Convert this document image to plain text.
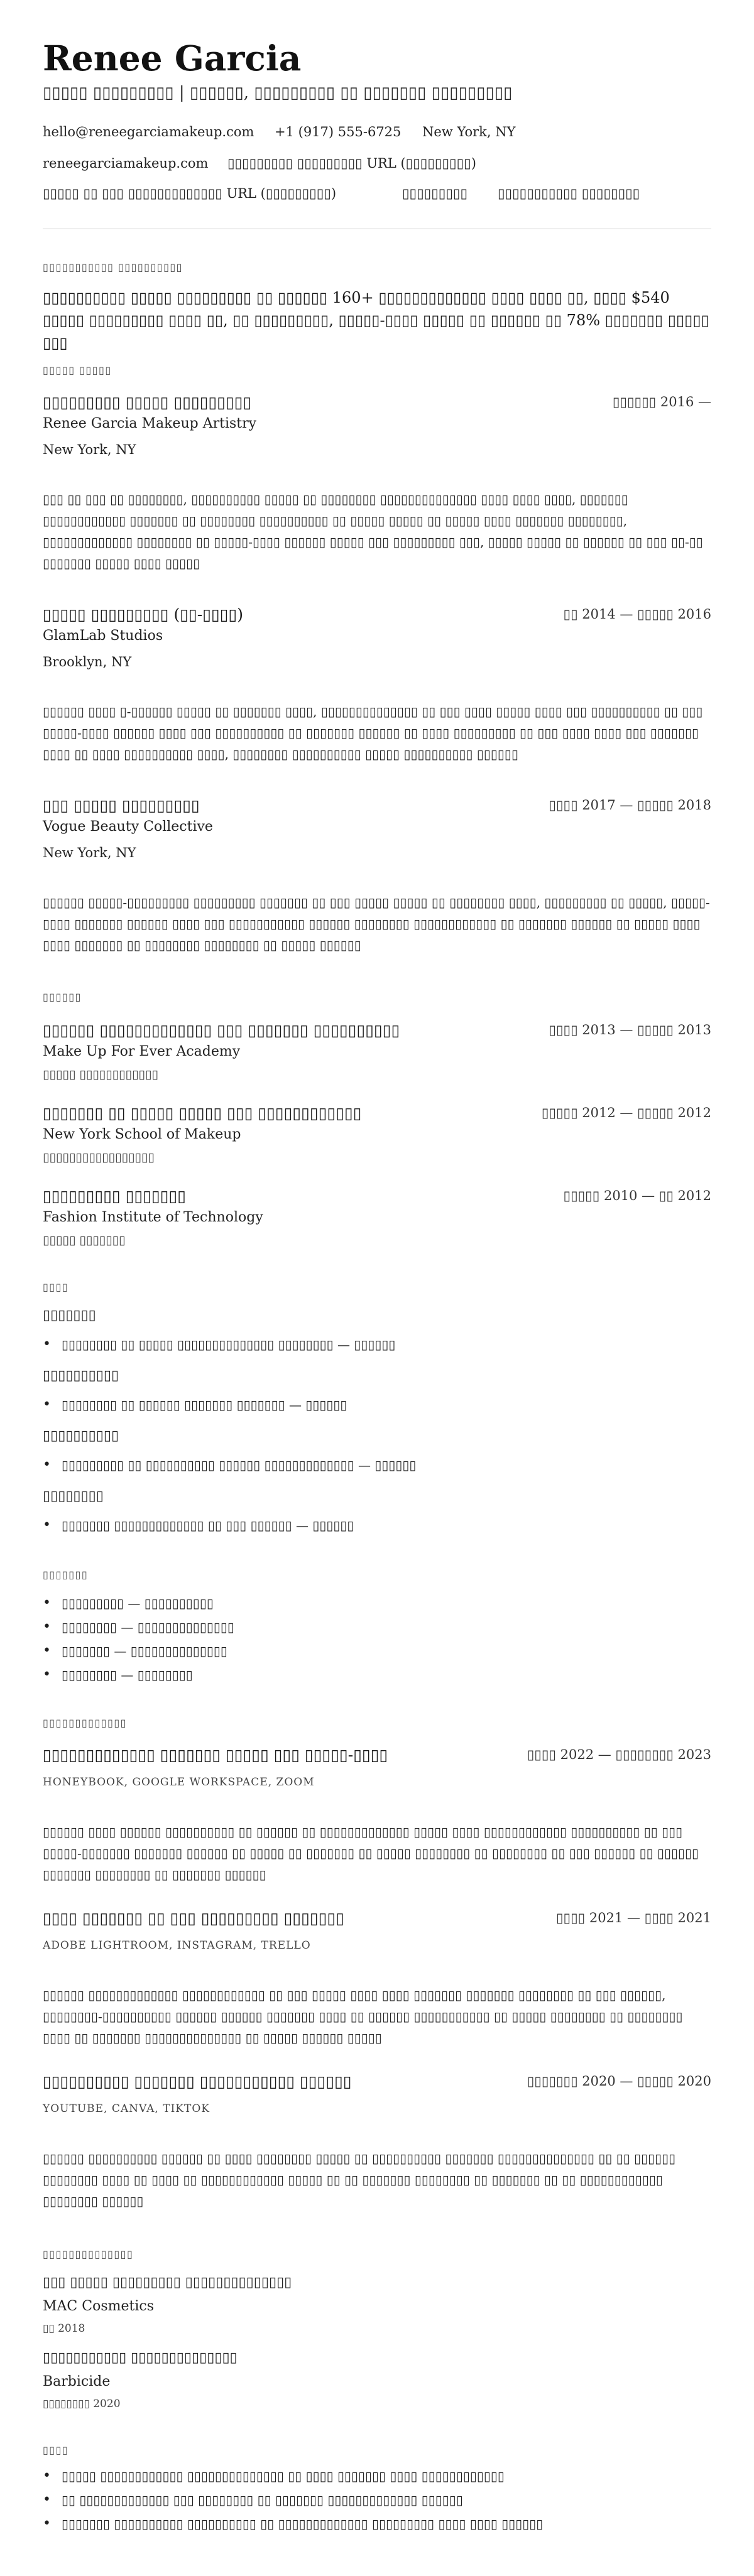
Renee Garcia
▯▯▯▯▯ ▯▯▯▯▯▯▯▯▯ | ▯▯▯▯▯▯, ▯▯▯▯▯▯▯▯▯ ▯▯ ▯▯▯▯▯▯▯ ▯▯▯▯▯▯▯▯▯
hello@reneegarciamakeup.com +1 (917) 555-6725 New York, NY
reneegarciamakeup.com ▯▯▯▯▯▯▯▯▯ ▯▯▯▯▯▯▯▯▯ URL (▯▯▯▯▯▯▯▯▯)
▯▯▯▯▯ ▯▯ ▯▯▯ ▯▯▯▯▯▯▯▯▯▯▯▯▯ URL (▯▯▯▯▯▯▯▯▯)	▯▯▯▯▯▯▯▯▯ ▯▯▯▯▯▯▯▯▯▯▯ ▯▯▯▯▯▯▯▯
▯▯▯▯▯▯▯▯▯▯▯ ▯▯▯▯▯▯▯▯▯▯
▯▯▯▯▯▯▯▯▯▯ ▯▯▯▯▯ ▯▯▯▯▯▯▯▯▯ ▯▯ ▯▯▯▯▯▯ 160+ ▯▯▯▯▯▯▯▯▯▯▯▯▯ ▯▯▯▯ ▯▯▯▯ ▯▯, ▯▯▯▯ $540 ▯▯▯▯▯ ▯▯▯▯▯▯▯▯▯ ▯▯▯▯ ▯▯, ▯▯ ▯▯▯▯▯▯▯▯▯, ▯▯▯▯▯-▯▯▯▯ ▯▯▯▯▯ ▯▯ ▯▯▯▯▯▯ ▯▯ 78% ▯▯▯▯▯▯▯ ▯▯▯▯▯ ▯▯▯
▯▯▯▯▯ ▯▯▯▯▯
▯▯▯▯▯▯▯▯▯ ▯▯▯▯▯ ▯▯▯▯▯▯▯▯▯	▯▯▯▯▯▯ 2016 —
Renee Garcia Makeup Artistry
New York, NY
▯▯▯ ▯▯ ▯▯▯ ▯▯ ▯▯▯▯▯▯▯▯, ▯▯▯▯▯▯▯▯▯▯ ▯▯▯▯▯ ▯▯ ▯▯▯▯▯▯▯▯ ▯▯▯▯▯▯▯▯▯▯▯▯▯▯ ▯▯▯▯ ▯▯▯▯ ▯▯▯▯, ▯▯▯▯▯▯▯ ▯▯▯▯▯▯▯▯▯▯▯▯ ▯▯▯▯▯▯▯ ▯▯ ▯▯▯▯▯▯▯▯ ▯▯▯▯▯▯▯▯▯▯ ▯▯ ▯▯▯▯▯ ▯▯▯▯▯ ▯▯ ▯▯▯▯▯ ▯▯▯▯ ▯▯▯▯▯▯▯ ▯▯▯▯▯▯▯▯, ▯▯▯▯▯▯▯▯▯▯▯▯▯ ▯▯▯▯▯▯▯▯ ▯▯ ▯▯▯▯▯-▯▯▯▯ ▯▯▯▯▯▯ ▯▯▯▯▯ ▯▯▯ ▯▯▯▯▯▯▯▯▯ ▯▯▯, ▯▯▯▯▯ ▯▯▯▯▯ ▯▯ ▯▯▯▯▯▯ ▯▯ ▯▯▯ ▯▯-▯▯ ▯▯▯▯▯▯▯ ▯▯▯▯▯ ▯▯▯▯ ▯▯▯▯▯
▯▯▯▯▯ ▯▯▯▯▯▯▯▯▯ (▯▯-▯▯▯▯)	▯▯ 2014 — ▯▯▯▯▯ 2016
GlamLab Studios
Brooklyn, NY
▯▯▯▯▯▯ ▯▯▯▯ ▯-▯▯▯▯▯▯ ▯▯▯▯▯ ▯▯ ▯▯▯▯▯▯▯ ▯▯▯▯, ▯▯▯▯▯▯▯▯▯▯▯▯▯▯ ▯▯ ▯▯▯ ▯▯▯▯ ▯▯▯▯▯ ▯▯▯▯ ▯▯▯ ▯▯▯▯▯▯▯▯▯▯ ▯▯ ▯▯▯ ▯▯▯▯▯-▯▯▯▯ ▯▯▯▯▯▯ ▯▯▯▯ ▯▯▯ ▯▯▯▯▯▯▯▯▯▯ ▯▯ ▯▯▯▯▯▯▯ ▯▯▯▯▯▯ ▯▯ ▯▯▯▯ ▯▯▯▯▯▯▯▯▯ ▯▯ ▯▯▯ ▯▯▯▯ ▯▯▯▯ ▯▯▯ ▯▯▯▯▯▯▯ ▯▯▯▯ ▯▯ ▯▯▯▯ ▯▯▯▯▯▯▯▯▯▯ ▯▯▯▯, ▯▯▯▯▯▯▯▯ ▯▯▯▯▯▯▯▯▯▯ ▯▯▯▯▯ ▯▯▯▯▯▯▯▯▯▯ ▯▯▯▯▯▯
▯▯▯ ▯▯▯▯▯ ▯▯▯▯▯▯▯▯▯	▯▯▯▯ 2017 — ▯▯▯▯▯ 2018
Vogue Beauty Collective
New York, NY
▯▯▯▯▯▯ ▯▯▯▯▯-▯▯▯▯▯▯▯▯▯ ▯▯▯▯▯▯▯▯▯ ▯▯▯▯▯▯▯ ▯▯ ▯▯▯ ▯▯▯▯▯ ▯▯▯▯▯ ▯▯ ▯▯▯▯▯▯▯▯ ▯▯▯▯, ▯▯▯▯▯▯▯▯▯ ▯▯ ▯▯▯▯▯, ▯▯▯▯▯-▯▯▯▯ ▯▯▯▯▯▯▯ ▯▯▯▯▯▯ ▯▯▯▯ ▯▯▯ ▯▯▯▯▯▯▯▯▯▯▯ ▯▯▯▯▯▯ ▯▯▯▯▯▯▯▯ ▯▯▯▯▯▯▯▯▯▯▯▯ ▯▯ ▯▯▯▯▯▯▯ ▯▯▯▯▯▯ ▯▯ ▯▯▯▯▯ ▯▯▯▯ ▯▯▯▯ ▯▯▯▯▯▯▯ ▯▯ ▯▯▯▯▯▯▯▯ ▯▯▯▯▯▯▯▯ ▯▯ ▯▯▯▯▯ ▯▯▯▯▯▯
▯▯▯▯▯▯
▯▯▯▯▯▯ ▯▯▯▯▯▯▯▯▯▯▯▯▯ ▯▯▯ ▯▯▯▯▯▯▯ ▯▯▯▯▯▯▯▯▯▯	▯▯▯▯ 2013 — ▯▯▯▯▯ 2013
Make Up For Ever Academy
▯▯▯▯▯ ▯▯▯▯▯▯▯▯▯▯▯▯
▯▯▯▯▯▯▯ ▯▯ ▯▯▯▯▯ ▯▯▯▯▯ ▯▯▯ ▯▯▯▯▯▯▯▯▯▯▯▯	▯▯▯▯▯ 2012 — ▯▯▯▯▯ 2012
New York School of Makeup
▯▯▯▯▯▯▯▯▯▯▯▯▯▯▯▯▯
▯▯▯▯▯▯▯▯▯ ▯▯▯▯▯▯▯	▯▯▯▯▯ 2010 — ▯▯ 2012
Fashion Institute of Technology
▯▯▯▯▯ ▯▯▯▯▯▯▯
▯▯▯▯
▯▯▯▯▯▯▯
• ▯▯▯▯▯▯▯▯ ▯▯ ▯▯▯▯▯ ▯▯▯▯▯▯▯▯▯▯▯▯▯▯ ▯▯▯▯▯▯▯▯ — ▯▯▯▯▯▯
▯▯▯▯▯▯▯▯▯▯
• ▯▯▯▯▯▯▯▯ ▯▯ ▯▯▯▯▯▯ ▯▯▯▯▯▯▯ ▯▯▯▯▯▯▯ — ▯▯▯▯▯▯
▯▯▯▯▯▯▯▯▯▯
• ▯▯▯▯▯▯▯▯▯ ▯▯ ▯▯▯▯▯▯▯▯▯▯ ▯▯▯▯▯▯ ▯▯▯▯▯▯▯▯▯▯▯▯▯ — ▯▯▯▯▯▯
▯▯▯▯▯▯▯▯
• ▯▯▯▯▯▯▯ ▯▯▯▯▯▯▯▯▯▯▯▯▯ ▯▯ ▯▯▯ ▯▯▯▯▯▯ — ▯▯▯▯▯▯
▯▯▯▯▯▯▯
• ▯▯▯▯▯▯▯▯▯ — ▯▯▯▯▯▯▯▯▯▯
• ▯▯▯▯▯▯▯▯ — ▯▯▯▯▯▯▯▯▯▯▯▯▯▯
• ▯▯▯▯▯▯▯ — ▯▯▯▯▯▯▯▯▯▯▯▯▯▯
• ▯▯▯▯▯▯▯▯ — ▯▯▯▯▯▯▯▯
▯▯▯▯▯▯▯▯▯▯▯▯▯
▯▯▯▯▯▯▯▯▯▯▯▯▯ ▯▯▯▯▯▯▯ ▯▯▯▯▯ ▯▯▯ ▯▯▯▯▯-▯▯▯▯	▯▯▯▯ 2022 — ▯▯▯▯▯▯▯▯ 2023
HONEYBOOK, GOOGLE WORKSPACE, ZOOM
▯▯▯▯▯▯ ▯▯▯▯ ▯▯▯▯▯▯ ▯▯▯▯▯▯▯▯▯▯ ▯▯ ▯▯▯▯▯▯ ▯▯ ▯▯▯▯▯▯▯▯▯▯▯▯▯ ▯▯▯▯▯ ▯▯▯▯ ▯▯▯▯▯▯▯▯▯▯▯▯ ▯▯▯▯▯▯▯▯▯▯ ▯▯ ▯▯▯ ▯▯▯▯▯-▯▯▯▯▯▯▯ ▯▯▯▯▯▯▯ ▯▯▯▯▯▯ ▯▯ ▯▯▯▯▯ ▯▯ ▯▯▯▯▯▯▯ ▯▯ ▯▯▯▯▯ ▯▯▯▯▯▯▯▯ ▯▯ ▯▯▯▯▯▯▯▯ ▯▯ ▯▯▯ ▯▯▯▯▯▯ ▯▯ ▯▯▯▯▯▯ ▯▯▯▯▯▯▯ ▯▯▯▯▯▯▯▯ ▯▯ ▯▯▯▯▯▯▯ ▯▯▯▯▯▯
▯▯▯▯ ▯▯▯▯▯▯▯ ▯▯ ▯▯▯ ▯▯▯▯▯▯▯▯▯ ▯▯▯▯▯▯▯	▯▯▯▯ 2021 — ▯▯▯▯ 2021
ADOBE LIGHTROOM, INSTAGRAM, TRELLO
▯▯▯▯▯▯ ▯▯▯▯▯▯▯▯▯▯▯▯▯ ▯▯▯▯▯▯▯▯▯▯▯▯ ▯▯ ▯▯▯ ▯▯▯▯▯ ▯▯▯▯ ▯▯▯▯ ▯▯▯▯▯▯▯ ▯▯▯▯▯▯▯ ▯▯▯▯▯▯▯▯ ▯▯ ▯▯▯ ▯▯▯▯▯▯, ▯▯▯▯▯▯▯▯-▯▯▯▯▯▯▯▯▯▯ ▯▯▯▯▯▯ ▯▯▯▯▯▯ ▯▯▯▯▯▯▯ ▯▯▯▯ ▯▯ ▯▯▯▯▯▯ ▯▯▯▯▯▯▯▯▯▯▯ ▯▯ ▯▯▯▯▯ ▯▯▯▯▯▯▯▯ ▯▯ ▯▯▯▯▯▯▯▯ ▯▯▯▯ ▯▯ ▯▯▯▯▯▯▯ ▯▯▯▯▯▯▯▯▯▯▯▯▯▯ ▯▯ ▯▯▯▯▯ ▯▯▯▯▯▯ ▯▯▯▯▯
▯▯▯▯▯▯▯▯▯▯ ▯▯▯▯▯▯▯ ▯▯▯▯▯▯▯▯▯▯▯ ▯▯▯▯▯▯	▯▯▯▯▯▯▯ 2020 — ▯▯▯▯▯ 2020
YOUTUBE, CANVA, TIKTOK
▯▯▯▯▯▯ ▯▯▯▯▯▯▯▯▯▯ ▯▯▯▯▯▯ ▯▯ ▯▯▯▯ ▯▯▯▯▯▯▯▯ ▯▯▯▯▯ ▯▯ ▯▯▯▯▯▯▯▯▯▯ ▯▯▯▯▯▯▯ ▯▯▯▯▯▯▯▯▯▯▯▯▯▯ ▯▯ ▯▯ ▯▯▯▯▯▯ ▯▯▯▯▯▯▯▯ ▯▯▯▯ ▯▯ ▯▯▯▯ ▯▯ ▯▯▯▯▯▯▯▯▯▯▯▯ ▯▯▯▯▯ ▯▯ ▯▯ ▯▯▯▯▯▯▯ ▯▯▯▯▯▯▯▯ ▯▯ ▯▯▯▯▯▯▯ ▯▯ ▯▯ ▯▯▯▯▯▯▯▯▯▯▯▯ ▯▯▯▯▯▯▯▯ ▯▯▯▯▯▯
▯▯▯▯▯▯▯▯▯▯▯▯▯▯
▯▯▯ ▯▯▯▯▯ ▯▯▯▯▯▯▯▯▯ ▯▯▯▯▯▯▯▯▯▯▯▯▯▯
MAC Cosmetics
▯▯ 2018
▯▯▯▯▯▯▯▯▯▯▯ ▯▯▯▯▯▯▯▯▯▯▯▯▯▯
Barbicide
▯▯▯▯▯▯▯▯ 2020
▯▯▯▯
• ▯▯▯▯▯ ▯▯▯▯▯▯▯▯▯▯▯▯ ▯▯▯▯▯▯▯▯▯▯▯▯▯▯ ▯▯ ▯▯▯▯ ▯▯▯▯▯▯▯ ▯▯▯▯ ▯▯▯▯▯▯▯▯▯▯▯▯
• ▯▯ ▯▯▯▯▯▯▯▯▯▯▯▯▯ ▯▯▯ ▯▯▯▯▯▯▯▯ ▯▯ ▯▯▯▯▯▯▯ ▯▯▯▯▯▯▯▯▯▯▯▯▯ ▯▯▯▯▯▯
• ▯▯▯▯▯▯▯ ▯▯▯▯▯▯▯▯▯▯ ▯▯▯▯▯▯▯▯▯▯ ▯▯ ▯▯▯▯▯▯▯▯▯▯▯▯▯ ▯▯▯▯▯▯▯▯▯ ▯▯▯▯ ▯▯▯▯ ▯▯▯▯▯▯
